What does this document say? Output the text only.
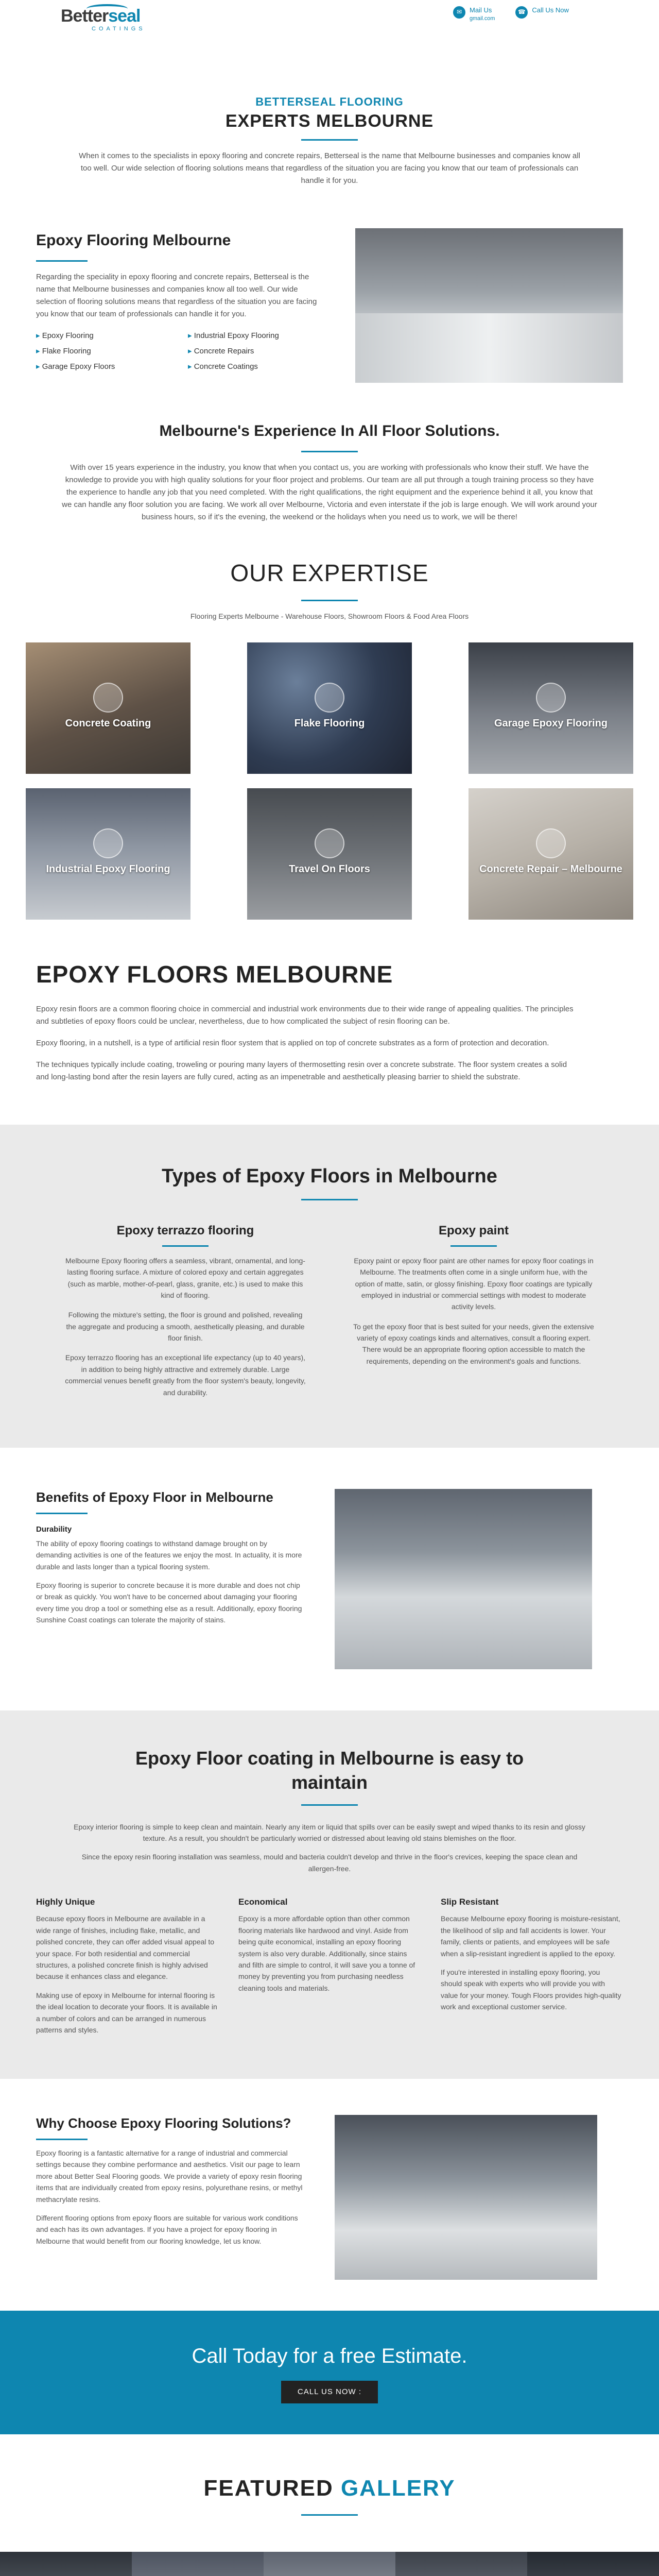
Betterseal
COATINGS
✉	Mail Us
gmail.com
☎ Call Us Now
BETTERSEAL FLOORING
EXPERTS MELBOURNE

When it comes to the specialists in epoxy flooring and concrete repairs, Betterseal is the name that Melbourne businesses and companies know all too well. Our wide selection of flooring solutions means that regardless of the situation you are facing you know that our team of professionals can handle it for you.

Epoxy Flooring Melbourne

Regarding the speciality in epoxy flooring and concrete repairs, Betterseal is the name that Melbourne businesses and companies know all too well. Our wide selection of flooring solutions means that regardless of the situation you are facing you know that our team of professionals can handle it for you.

▸ Epoxy Flooring	▸ Industrial Epoxy Flooring
▸ Flake Flooring	▸ Concrete Repairs
▸ Garage Epoxy Floors	▸ Concrete Coatings
Melbourne's Experience In All Floor Solutions.

With over 15 years experience in the industry, you know that when you contact us, you are working with professionals who know their stuff. We have the knowledge to provide you with high quality solutions for your floor project and problems. Our team are all put through a tough training process so they have the experience to handle any job that you need completed. With the right qualifications, the right equipment and the experience behind it all, you know that we can handle any floor solution you are facing. We work all over Melbourne, Victoria and even interstate if the job is large enough. We will work around your business hours, so if it's the evening, the weekend or the holidays when you need us to work, we will be there!

OUR EXPERTISE
Flooring Experts Melbourne - Warehouse Floors, Showroom Floors & Food Area Floors
Concrete Coating	Flake Flooring	Garage Epoxy Flooring
Industrial Epoxy Flooring	Travel On Floors	Concrete Repair – Melbourne
EPOXY FLOORS MELBOURNE

Epoxy resin floors are a common flooring choice in commercial and industrial work environments due to their wide range of appealing qualities. The principles and subtleties of epoxy floors could be unclear, nevertheless, due to how complicated the subject of resin flooring can be.

Epoxy flooring, in a nutshell, is a type of artificial resin floor system that is applied on top of concrete substrates as a form of protection and decoration.

The techniques typically include coating, troweling or pouring many layers of thermosetting resin over a concrete substrate. The floor system creates a solid and long-lasting bond after the resin layers are fully cured, acting as an impenetrable and aesthetically pleasing barrier to shield the substrate.

Types of Epoxy Floors in Melbourne
Epoxy terrazzo flooring

Melbourne Epoxy flooring offers a seamless, vibrant, ornamental, and long-lasting flooring surface. A mixture of colored epoxy and certain aggregates (such as marble, mother-of-pearl, glass, granite, etc.) is used to make this kind of flooring.

Following the mixture's setting, the floor is ground and polished, revealing the aggregate and producing a smooth, aesthetically pleasing, and durable floor finish.

Epoxy terrazzo flooring has an exceptional life expectancy (up to 40 years), in addition to being highly attractive and extremely durable. Large commercial venues benefit greatly from the floor system's beauty, longevity, and durability.

Epoxy paint

Epoxy paint or epoxy floor paint are other names for epoxy floor coatings in Melbourne. The treatments often come in a single uniform hue, with the option of matte, satin, or glossy finishing. Epoxy floor coatings are typically employed in industrial or commercial settings with modest to moderate activity levels.

To get the epoxy floor that is best suited for your needs, given the extensive variety of epoxy coatings kinds and alternatives, consult a flooring expert. There would be an appropriate flooring option accessible to match the requirements, depending on the environment's goals and functions.

Benefits of Epoxy Floor in Melbourne
Durability

The ability of epoxy flooring coatings to withstand damage brought on by demanding activities is one of the features we enjoy the most. In actuality, it is more durable and lasts longer than a typical flooring system.

Epoxy flooring is superior to concrete because it is more durable and does not chip or break as quickly. You won't have to be concerned about damaging your flooring every time you drop a tool or something else as a result. Additionally, epoxy flooring Sunshine Coast coatings can tolerate the majority of stains.

Epoxy Floor coating in Melbourne is easy to maintain

Epoxy interior flooring is simple to keep clean and maintain. Nearly any item or liquid that spills over can be easily swept and wiped thanks to its resin and glossy texture. As a result, you shouldn't be particularly worried or distressed about leaving old stains blemishes on the floor.

Since the epoxy resin flooring installation was seamless, mould and bacteria couldn't develop and thrive in the floor's crevices, keeping the space clean and allergen-free.

Highly Unique

Because epoxy floors in Melbourne are available in a wide range of finishes, including flake, metallic, and polished concrete, they can offer added visual appeal to your space. For both residential and commercial structures, a polished concrete finish is highly advised because it enhances class and elegance.

Making use of epoxy in Melbourne for internal flooring is the ideal location to decorate your floors. It is available in a number of colors and can be arranged in numerous patterns and styles.

Economical

Epoxy is a more affordable option than other common flooring materials like hardwood and vinyl. Aside from being quite economical, installing an epoxy flooring system is also very durable. Additionally, since stains and filth are simple to control, it will save you a tonne of money by preventing you from purchasing needless cleaning tools and materials.

Slip Resistant

Because Melbourne epoxy flooring is moisture-resistant, the likelihood of slip and fall accidents is lower. Your family, clients or patients, and employees will be safe when a slip-resistant ingredient is applied to the epoxy.

If you're interested in installing epoxy flooring, you should speak with experts who will provide you with value for your money. Tough Floors provides high-quality work and exceptional customer service.

Why Choose Epoxy Flooring Solutions?

Epoxy flooring is a fantastic alternative for a range of industrial and commercial settings because they combine performance and aesthetics. Visit our page to learn more about Better Seal Flooring goods. We provide a variety of epoxy resin flooring items that are individually created from epoxy resins, polyurethane resins, or methyl methacrylate resins.

Different flooring options from epoxy floors are suitable for various work conditions and each has its own advantages. If you have a project for epoxy flooring in Melbourne that would benefit from our flooring knowledge, let us know.

Call Today for a free Estimate.
CALL US NOW :
FEATURED GALLERY
